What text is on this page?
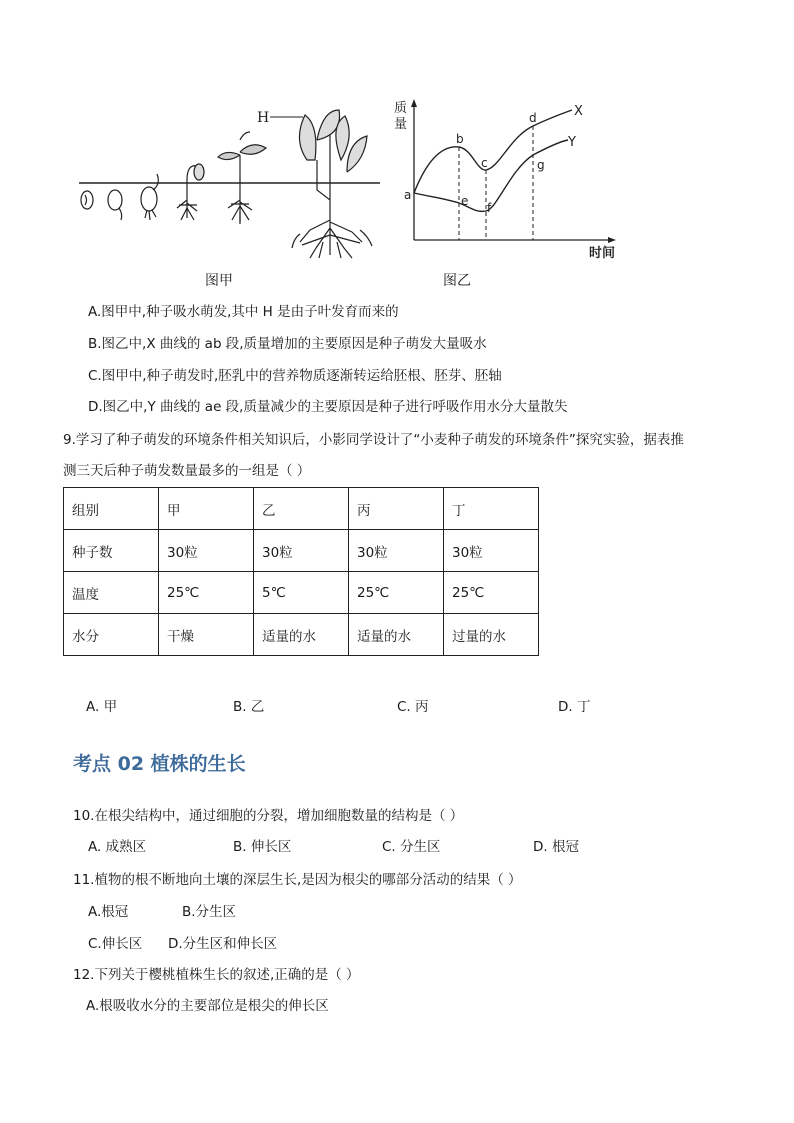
H
图甲
质
量
时间
a
b
c
d
e f
g
X
Y
图乙
A.图甲中,种子吸水萌发,其中 H 是由子叶发育而来的
B.图乙中,X 曲线的 ab 段,质量增加的主要原因是种子萌发大量吸水
C.图甲中,种子萌发时,胚乳中的营养物质逐渐转运给胚根、胚芽、胚轴
D.图乙中,Y 曲线的 ae 段,质量减少的主要原因是种子进行呼吸作用水分大量散失
9.学习了种子萌发的环境条件相关知识后，小影同学设计了“小麦种子萌发的环境条件”探究实验，据表推
测三天后种子萌发数量最多的一组是（ ）
组别	甲	乙	丙	丁
种子数	30粒	30粒	30粒	30粒
温度	25℃	5℃	25℃	25℃
水分	干燥	适量的水	适量的水	过量的水
A. 甲	B. 乙	C. 丙	D. 丁
考点 02 植株的生长
10.在根尖结构中，通过细胞的分裂，增加细胞数量的结构是（ ）
A. 成熟区	B. 伸长区	C. 分生区	D. 根冠
11.植物的根不断地向土壤的深层生长,是因为根尖的哪部分活动的结果（ ）
A.根冠	B.分生区
C.伸长区 D.分生区和伸长区
12.下列关于樱桃植株生长的叙述,正确的是（ ）
A.根吸收水分的主要部位是根尖的伸长区
